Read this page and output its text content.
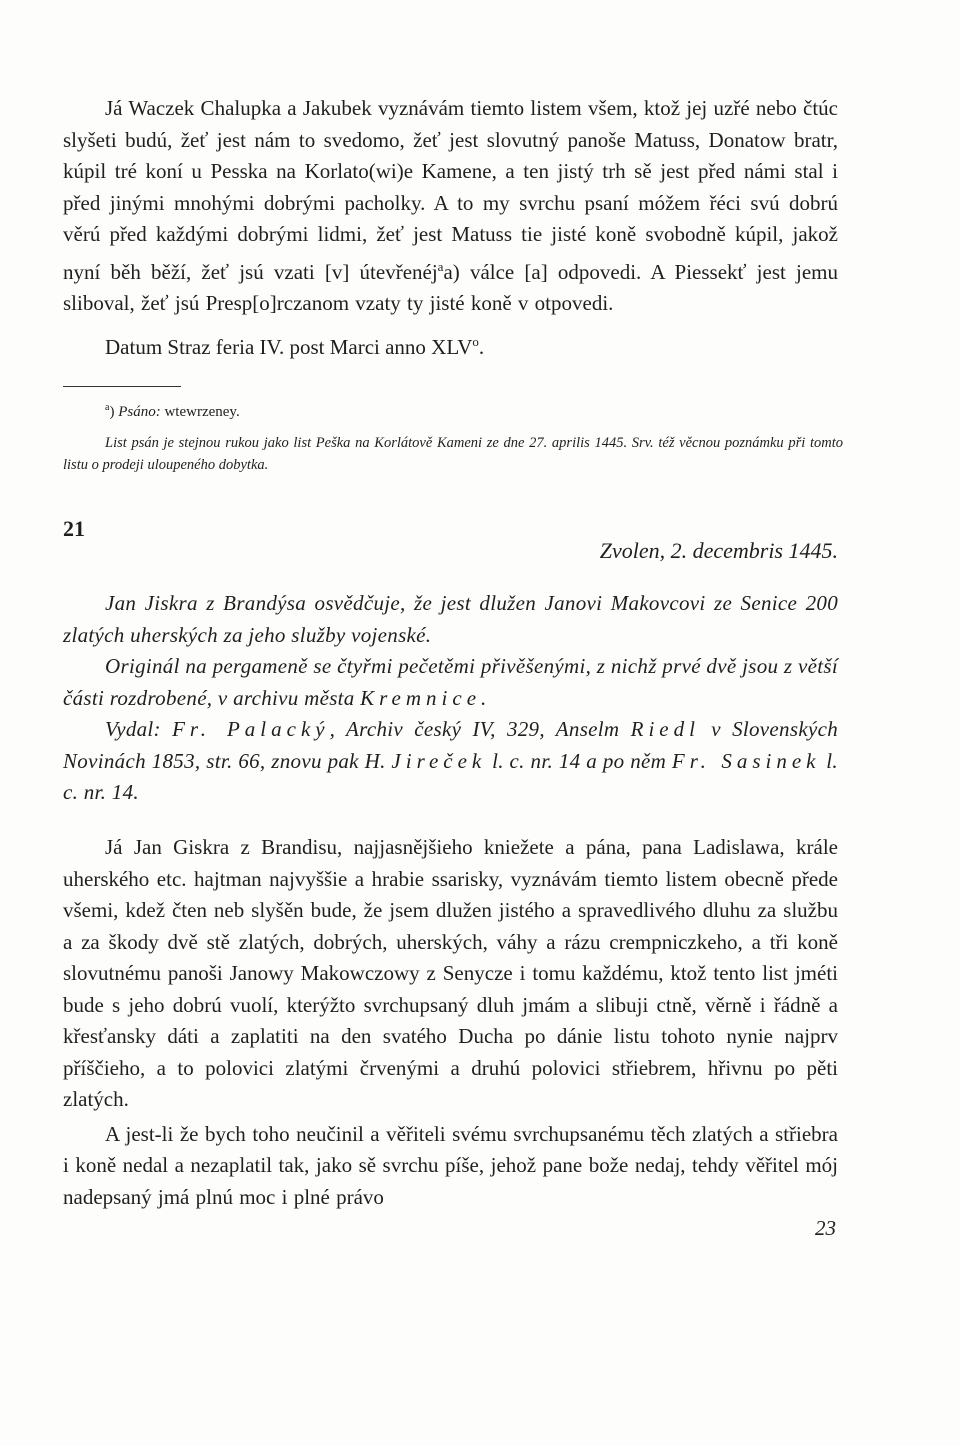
Já Waczek Chalupka a Jakubek vyznávám tiemto listem všem, ktož jej uzřé nebo čtúc slyšeti budú, žeť jest nám to svedomo, žeť jest slovutný panoše Matuss, Donatow bratr, kúpil tré koní u Pesska na Korlato(wi)e Kamene, a ten jistý trh sě jest před námi stal i před jinými mnohými dobrými pacholky. A to my svrchu psaní móžem řéci svú dobrú věrú před každými dobrými lidmi, žeť jest Matuss tie jisté koně svobodně kúpil, jakož nyní běh běží, žeť jsú vzati [v] útevřenéj$^a$a) válce [a] odpovedi. A Piessekť jest jemu sliboval, žeť jsú Presp[o]rczanom vzaty ty jisté koně v otpovedi.

Datum Straz feria IV. post Marci anno XLV$^o$.

$^a$) Psáno: wtewrzeney.

List psán je stejnou rukou jako list Peška na Korlátově Kameni ze dne 27. aprilis 1445. Srv. též věcnou poznámku při tomto listu o prodeji uloupeného dobytka.

21

Zvolen, 2. decembris 1445.

Jan Jiskra z Brandýsa osvědčuje, že jest dlužen Janovi Makovcovi ze Senice 200 zlatých uherských za jeho služby vojenské.

Originál na pergameně se čtyřmi pečetěmi přivěšenými, z nichž prvé dvě jsou z větší části rozdrobené, v archivu města Kremnice.

Vydal: Fr. Palacký, Archiv český IV, 329, Anselm Riedl v Slovenských Novinách 1853, str. 66, znovu pak H. Jireček l. c. nr. 14 a po něm Fr. Sasinek l. c. nr. 14.

Já Jan Giskra z Brandisu, najjasnějšieho kniežete a pána, pana Ladislawa, krále uherského etc. hajtman najvyššie a hrabie ssarisky, vyznávám tiemto listem obecně přede všemi, kdež čten neb slyšěn bude, že jsem dlužen jistého a spravedlivého dluhu za službu a za škody dvě stě zlatých, dobrých, uherských, váhy a rázu crempniczkeho, a tři koně slovutnému panoši Janowy Makowczowy z Senycze i tomu každému, ktož tento list jméti bude s jeho dobrú vuolí, kterýžto svrchupsaný dluh jmám a slibuji ctně, věrně i řádně a křesťansky dáti a zaplatiti na den svatého Ducha po dánie listu tohoto nynie najprv příščieho, a to polovici zlatými črvenými a druhú polovici střiebrem, hřivnu po pěti zlatých.

A jest-li že bych toho neučinil a věřiteli svému svrchupsanému těch zlatých a střiebra i koně nedal a nezaplatil tak, jako sě svrchu píše, jehož pane bože nedaj, tehdy věřitel mój nadepsaný jmá plnú moc i plné právo

23
